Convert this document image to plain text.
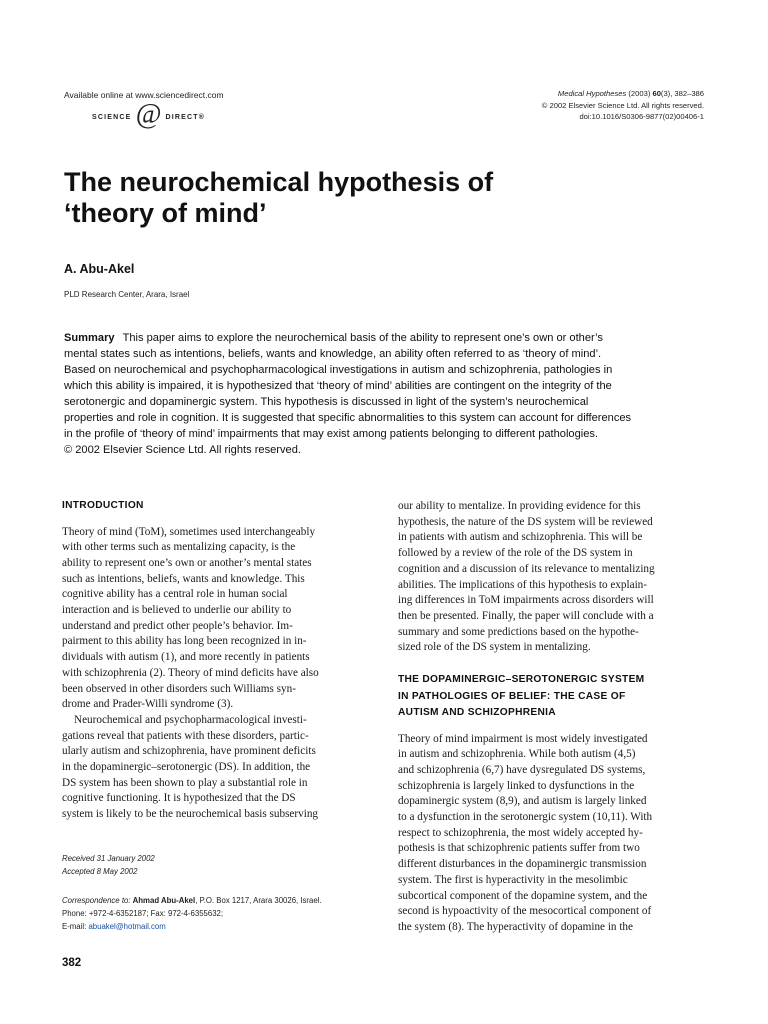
Available online at www.sciencedirect.com
SCIENCE @ DIRECT®
Medical Hypotheses (2003) 60(3), 382–386
© 2002 Elsevier Science Ltd. All rights reserved.
doi:10.1016/S0306-9877(02)00406-1
The neurochemical hypothesis of
‘theory of mind’
A. Abu-Akel
PLD Research Center, Arara, Israel
Summary This paper aims to explore the neurochemical basis of the ability to represent one’s own or other’s
mental states such as intentions, beliefs, wants and knowledge, an ability often referred to as ‘theory of mind’.
Based on neurochemical and psychopharmacological investigations in autism and schizophrenia, pathologies in
which this ability is impaired, it is hypothesized that ‘theory of mind’ abilities are contingent on the integrity of the
serotonergic and dopaminergic system. This hypothesis is discussed in light of the system’s neurochemical
properties and role in cognition. It is suggested that specific abnormalities to this system can account for differences
in the profile of ‘theory of mind’ impairments that may exist among patients belonging to different pathologies.
© 2002 Elsevier Science Ltd. All rights reserved.
INTRODUCTION
Theory of mind (ToM), sometimes used interchangeably
with other terms such as mentalizing capacity, is the
ability to represent one’s own or another’s mental states
such as intentions, beliefs, wants and knowledge. This
cognitive ability has a central role in human social
interaction and is believed to underlie our ability to
understand and predict other people’s behavior. Im-
pairment to this ability has long been recognized in in-
dividuals with autism (1), and more recently in patients
with schizophrenia (2). Theory of mind deficits have also
been observed in other disorders such Williams syn-
drome and Prader-Willi syndrome (3).
Neurochemical and psychopharmacological investi-
gations reveal that patients with these disorders, partic-
ularly autism and schizophrenia, have prominent deficits
in the dopaminergic–serotonergic (DS). In addition, the
DS system has been shown to play a substantial role in
cognitive functioning. It is hypothesized that the DS
system is likely to be the neurochemical basis subserving
Received 31 January 2002
Accepted 8 May 2002
Correspondence to: Ahmad Abu-Akel, P.O. Box 1217, Arara 30026, Israel.
Phone: +972-4-6352187; Fax: 972-4-6355632;
E-mail: abuakel@hotmail.com
382
our ability to mentalize. In providing evidence for this
hypothesis, the nature of the DS system will be reviewed
in patients with autism and schizophrenia. This will be
followed by a review of the role of the DS system in
cognition and a discussion of its relevance to mentalizing
abilities. The implications of this hypothesis to explain-
ing differences in ToM impairments across disorders will
then be presented. Finally, the paper will conclude with a
summary and some predictions based on the hypothe-
sized role of the DS system in mentalizing.
THE DOPAMINERGIC–SEROTONERGIC SYSTEM
IN PATHOLOGIES OF BELIEF: THE CASE OF
AUTISM AND SCHIZOPHRENIA
Theory of mind impairment is most widely investigated
in autism and schizophrenia. While both autism (4,5)
and schizophrenia (6,7) have dysregulated DS systems,
schizophrenia is largely linked to dysfunctions in the
dopaminergic system (8,9), and autism is largely linked
to a dysfunction in the serotonergic system (10,11). With
respect to schizophrenia, the most widely accepted hy-
pothesis is that schizophrenic patients suffer from two
different disturbances in the dopaminergic transmission
system. The first is hyperactivity in the mesolimbic
subcortical component of the dopamine system, and the
second is hypoactivity of the mesocortical component of
the system (8). The hyperactivity of dopamine in the
